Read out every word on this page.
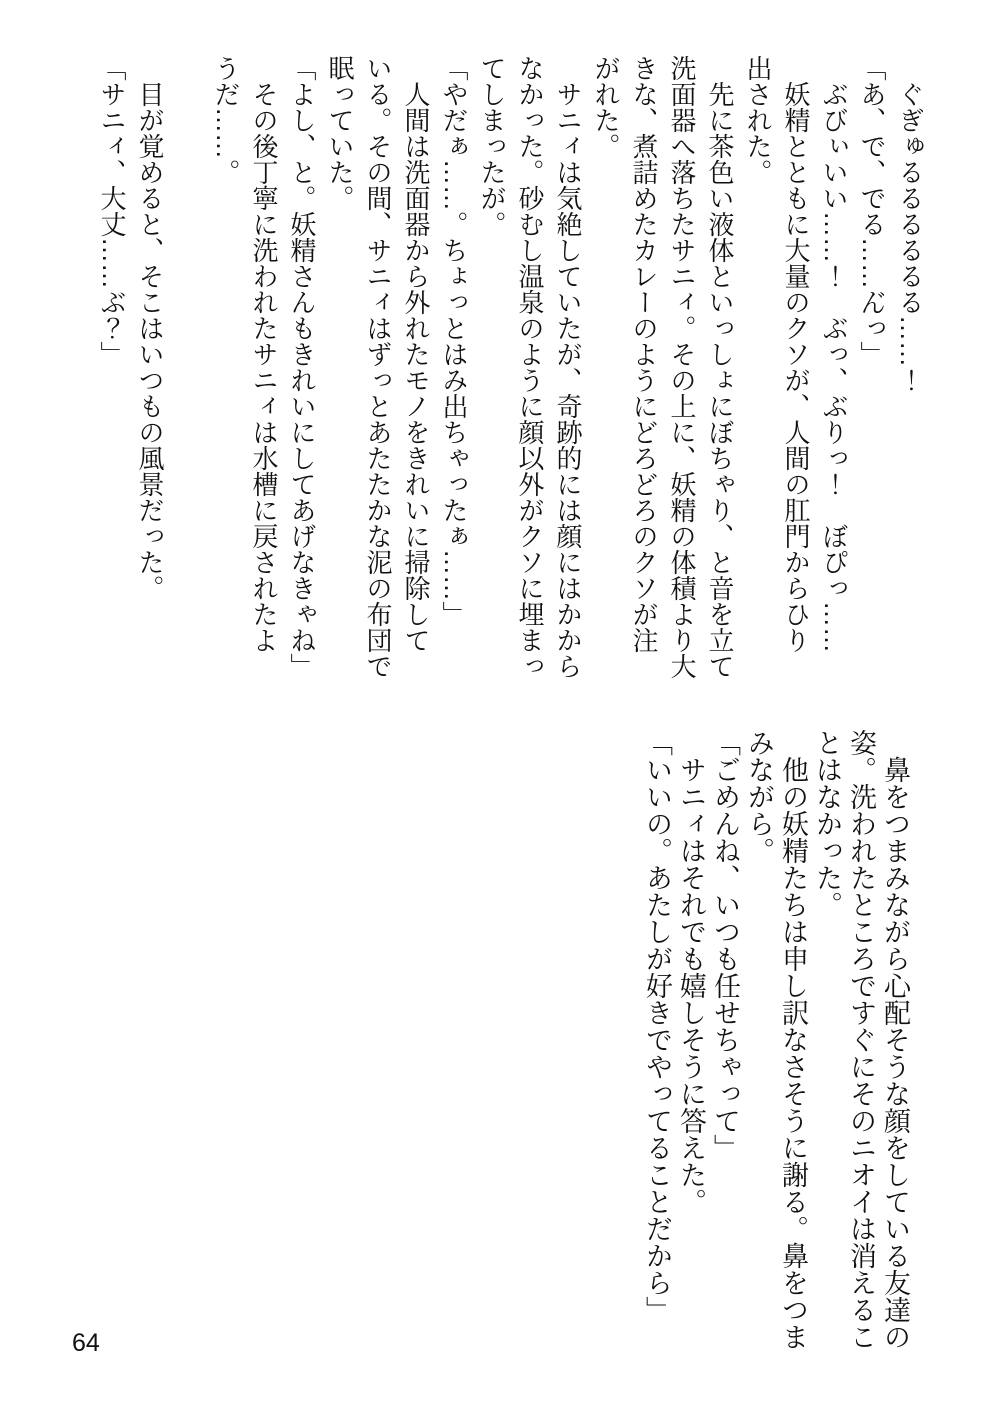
　ぐぎゅるるるるるる……！
「あ、で、でる……ん゙っ」
　ぶびぃいい……！　ぶっ、ぶりっ！　ぼぴっ……
　妖精とともに大量のクソが、人間の肛門からひり
出された。
　先に茶色い液体といっしょにぼちゃり、と音を立て
洗面器へ落ちたサニィ。その上に、妖精の体積より大
きな、煮詰めたカレーのようにどろどろのクソが注
がれた。
　サニィは気絶していたが、奇跡的には顔にはかから
なかった。砂むし温泉のように顔以外がクソに埋まっ
てしまったが。
「やだぁ……。ちょっとはみ出ちゃったぁ……」
　人間は洗面器から外れたモノをきれいに掃除して
いる。その間、サニィはずっとあたたかな泥の布団で
眠っていた。
「よし、と。妖精さんもきれいにしてあげなきゃね」
　その後丁寧に洗われたサニィは水槽に戻されたよ
うだ……。

　目が覚めると、そこはいつもの風景だった。
「サニィ、大丈……ぶ？」
　鼻をつまみながら心配そうな顔をしている友達の
姿。洗われたところですぐにそのニオイは消えるこ
とはなかった。
　他の妖精たちは申し訳なさそうに謝る。鼻をつま
みながら。
「ごめんね、いつも任せちゃって」
　サニィはそれでも嬉しそうに答えた。
「いいの。あたしが好きでやってることだから」
64
